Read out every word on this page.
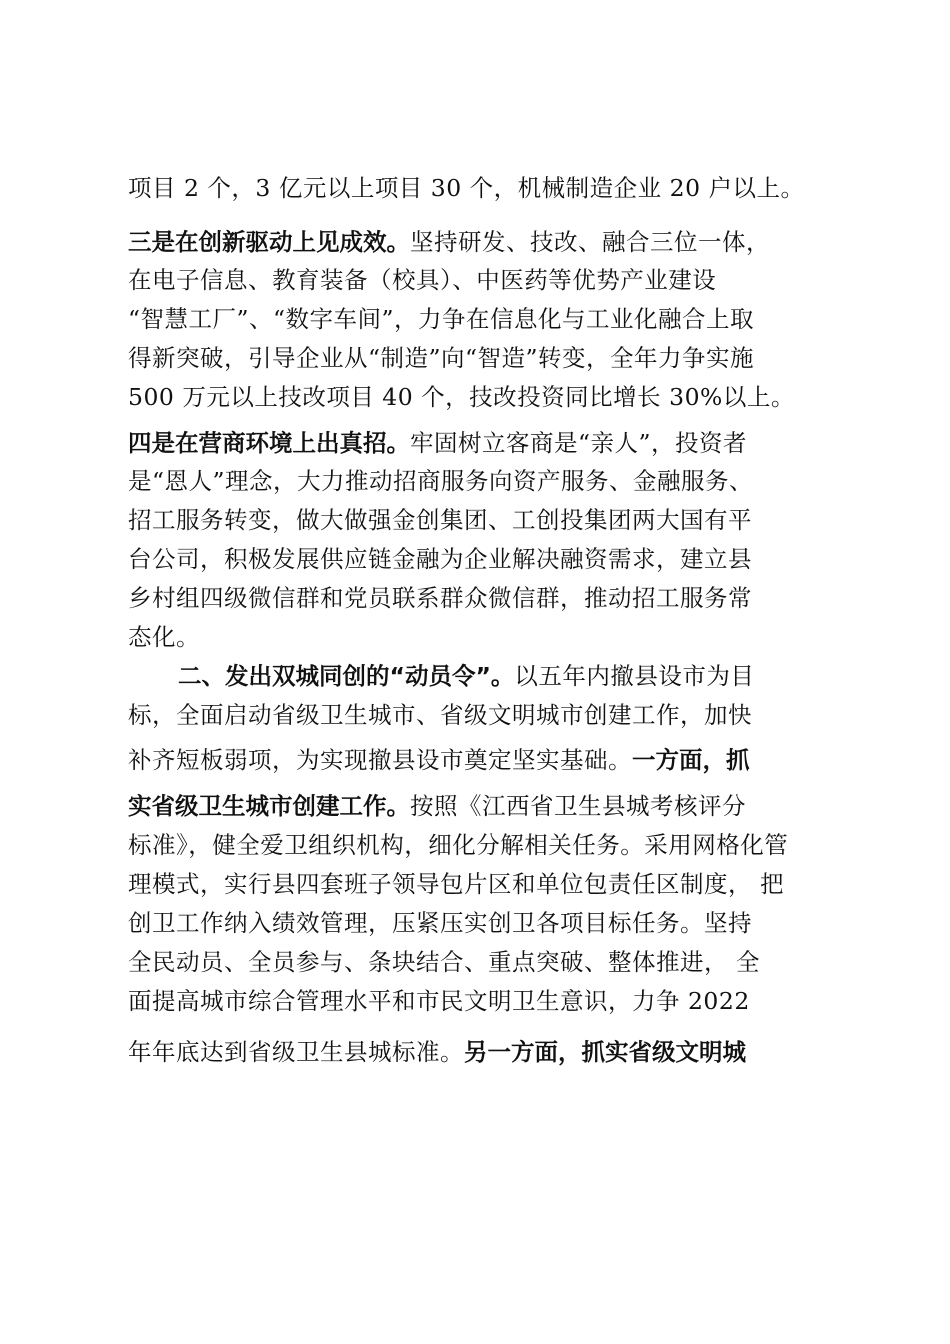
项目 2 个，3 亿元以上项目 30 个，机械制造企业 20 户以上。
三是在创新驱动上见成效。坚持研发、技改、融合三位一体，
在电子信息、教育装备（校具）、中医药等优势产业建设
“智慧工厂”、“数字车间”，力争在信息化与工业化融合上取
得新突破，引导企业从“制造”向“智造”转变，全年力争实施
500 万元以上技改项目 40 个，技改投资同比增长 30%以上。
四是在营商环境上出真招。牢固树立客商是“亲人”，投资者
是“恩人”理念，大力推动招商服务向资产服务、金融服务、
招工服务转变，做大做强金创集团、工创投集团两大国有平
台公司，积极发展供应链金融为企业解决融资需求，建立县
乡村组四级微信群和党员联系群众微信群，推动招工服务常
态化。
二、发出双城同创的“动员令”。以五年内撤县设市为目
标，全面启动省级卫生城市、省级文明城市创建工作，加快
补齐短板弱项，为实现撤县设市奠定坚实基础。一方面，抓
实省级卫生城市创建工作。按照《江西省卫生县城考核评分
标准》，健全爱卫组织机构，细化分解相关任务。采用网格化管
理模式，实行县四套班子领导包片区和单位包责任区制度， 把
创卫工作纳入绩效管理，压紧压实创卫各项目标任务。坚持
全民动员、全员参与、条块结合、重点突破、整体推进， 全
面提高城市综合管理水平和市民文明卫生意识，力争 2022
年年底达到省级卫生县城标准。另一方面，抓实省级文明城
